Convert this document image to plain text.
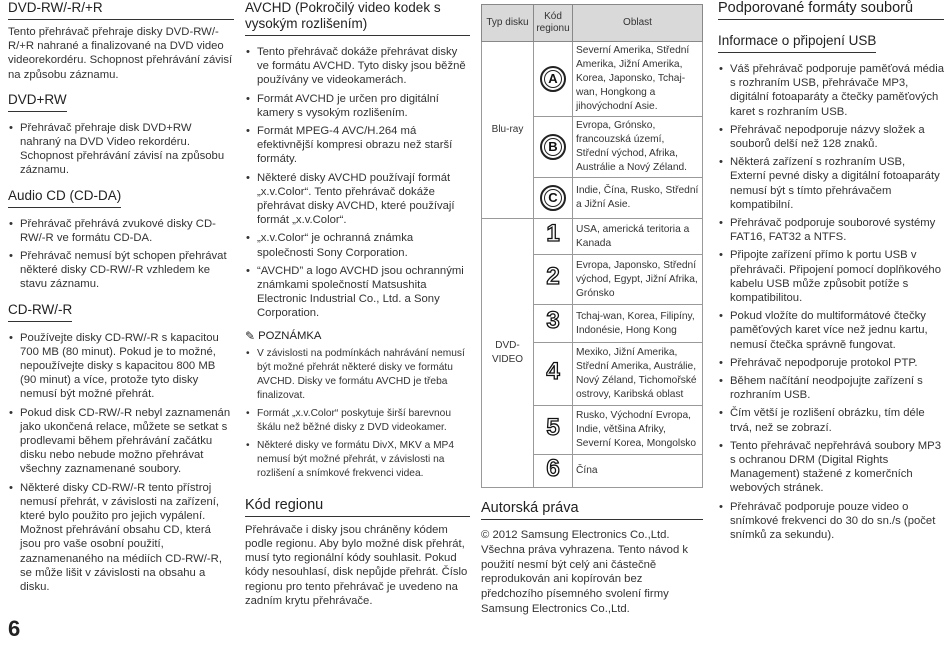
DVD-RW/-R/+R

Tento přehrávač přehraje disky DVD-RW/-R/+R nahrané a finalizované na DVD video videorekordéru. Schopnost přehrávání závisí na způsobu záznamu.

DVD+RW
• Přehrávač přehraje disk DVD+RW nahraný na DVD Video rekordéru. Schopnost přehrávání závisí na způsobu záznamu.
Audio CD (CD-DA)
• Přehrávač přehrává zvukové disky CD-RW/-R ve formátu CD-DA.
• Přehrávač nemusí být schopen přehrávat některé disky CD-RW/-R vzhledem ke stavu záznamu.
CD-RW/-R
• Používejte disky CD-RW/-R s kapacitou 700 MB (80 minut). Pokud je to možné, nepoužívejte disky s kapacitou 800 MB (90 minut) a více, protože tyto disky nemusí být možné přehrát.
• Pokud disk CD-RW/-R nebyl zaznamenán jako ukončená relace, můžete se setkat s prodlevami během přehrávání začátku disku nebo nebude možno přehrávat všechny zaznamenané soubory.
• Některé disky CD-RW/-R tento přístroj nemusí přehrát, v závislosti na zařízení, které bylo použito pro jejich vypálení. Možnost přehrávání obsahu CD, která jsou pro vaše osobní použití, zaznamenaného na médiích CD-RW/-R, se může lišit v závislosti na obsahu a disku.
6
AVCHD (Pokročilý video kodek s vysokým rozlišením)
• Tento přehrávač dokáže přehrávat disky ve formátu AVCHD. Tyto disky jsou běžně používány ve videokamerách.
• Formát AVCHD je určen pro digitální kamery s vysokým rozlišením.
• Formát MPEG-4 AVC/H.264 má efektivnější kompresi obrazu než starší formáty.
• Některé disky AVCHD používají formát „x.v.Color“. Tento přehrávač dokáže přehrávat disky AVCHD, které používají formát „x.v.Color“.
• „x.v.Color“ je ochranná známka společnosti Sony Corporation.
• “AVCHD” a logo AVCHD jsou ochrannými známkami společností Matsushita Electronic Industrial Co., Ltd. a Sony Corporation.
✎ POZNÁMKA
• V závislosti na podmínkách nahrávání nemusí být možné přehrát některé disky ve formátu AVCHD. Disky ve formátu AVCHD je třeba finalizovat.
• Formát „x.v.Color“ poskytuje širší barevnou škálu než běžné disky z DVD videokamer.
• Některé disky ve formátu DivX, MKV a MP4 nemusí být možné přehrát, v závislosti na rozlišení a snímkové frekvenci videa.
Kód regionu

Přehrávače i disky jsou chráněny kódem podle regionu. Aby bylo možné disk přehrát, musí tyto regionální kódy souhlasit. Pokud kódy nesouhlasí, disk nepůjde přehrát. Číslo regionu pro tento přehrávač je uvedeno na zadním krytu přehrávače.

Typ disku	Kód regionu	Oblast
Blu-ray	A	Severní Amerika, Střední Amerika, Jižní Amerika, Korea, Japonsko, Tchaj-wan, Hongkong a jihovýchodní Asie.
	B	Evropa, Grónsko, francouzská území, Střední východ, Afrika, Austrálie a Nový Zéland.
	C	Indie, Čína, Rusko, Střední a Jižní Asie.
DVD-VIDEO	1	USA, americká teritoria a Kanada
	2	Evropa, Japonsko, Střední východ, Egypt, Jižní Afrika, Grónsko
	3	Tchaj-wan, Korea, Filipíny, Indonésie, Hong Kong
	4	Mexiko, Jižní Amerika, Střední Amerika, Austrálie, Nový Zéland, Tichomořské ostrovy, Karibská oblast
	5	Rusko, Východní Evropa, Indie, většina Afriky, Severní Korea, Mongolsko
	6	Čína
Autorská práva

© 2012 Samsung Electronics Co.,Ltd. Všechna práva vyhrazena. Tento návod k použití nesmí být celý ani částečně reprodukován ani kopírován bez předchozího písemného svolení firmy Samsung Electronics Co.,Ltd.

Podporované formáty souborů
Informace o připojení USB
• Váš přehrávač podporuje paměťová média s rozhraním USB, přehrávače MP3, digitální fotoaparáty a čtečky paměťových karet s rozhraním USB.
• Přehrávač nepodporuje názvy složek a souborů delší než 128 znaků.
• Některá zařízení s rozhraním USB, Externí pevné disky a digitální fotoaparáty nemusí být s tímto přehrávačem kompatibilní.
• Přehrávač podporuje souborové systémy FAT16, FAT32 a NTFS.
• Připojte zařízení přímo k portu USB v přehrávači. Připojení pomocí doplňkového kabelu USB může způsobit potíže s kompatibilitou.
• Pokud vložíte do multiformátové čtečky paměťových karet více než jednu kartu, nemusí čtečka správně fungovat.
• Přehrávač nepodporuje protokol PTP.
• Během načítání neodpojujte zařízení s rozhraním USB.
• Čím větší je rozlišení obrázku, tím déle trvá, než se zobrazí.
• Tento přehrávač nepřehrává soubory MP3 s ochranou DRM (Digital Rights Management) stažené z komerčních webových stránek.
• Přehrávač podporuje pouze video o snímkové frekvenci do 30 do sn./s (počet snímků za sekundu).
